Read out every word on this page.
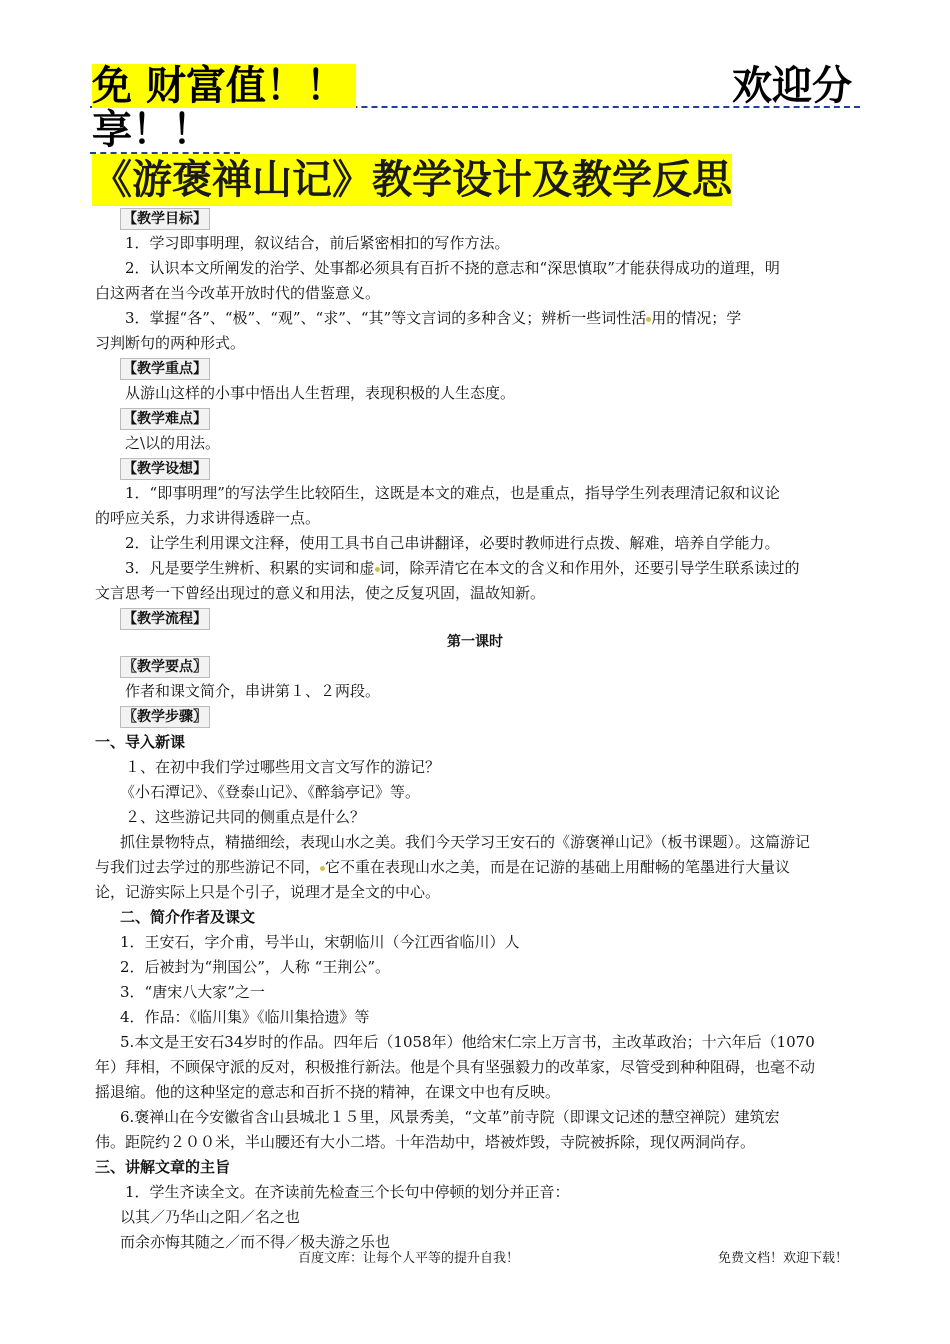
免 财富值！！	欢迎分
享！！
《游褒禅山记》教学设计及教学反思
【教学目标】
1．学习即事明理，叙议结合，前后紧密相扣的写作方法。
2．认识本文所阐发的治学、处事都必须具有百折不挠的意志和“深思慎取”才能获得成功的道理，明
白这两者在当今改革开放时代的借鉴意义。
3．掌握“各”、“极”、“观”、“求”、“其”等文言词的多种含义；辨析一些词性活 用的情况；学
习判断句的两种形式。
【教学重点】
从游山这样的小事中悟出人生哲理，表现积极的人生态度。
【教学难点】
之\以的用法。
【教学设想】
1．“即事明理”的写法学生比较陌生，这既是本文的难点，也是重点，指导学生列表理清记叙和议论
的呼应关系，力求讲得透辟一点。
2．让学生利用课文注释，使用工具书自己串讲翻译，必要时教师进行点拨、解难，培养自学能力。
3．凡是要学生辨析、积累的实词和虚 词，除弄清它在本文的含义和作用外，还要引导学生联系读过的
文言思考一下曾经出现过的意义和用法，使之反复巩固，温故知新。
【教学流程】
第一课时
〖教学要点〗
作者和课文简介，串讲第１、２两段。
〖教学步骤〗
一、导入新课
１、在初中我们学过哪些用文言文写作的游记？
《小石潭记》、《登泰山记》、《醉翁亭记》等。
２、这些游记共同的侧重点是什么？
抓住景物特点，精描细绘，表现山水之美。我们今天学习王安石的《游褒禅山记》（板书课题）。这篇游记
与我们过去学过的那些游记不同， 它不重在表现山水之美，而是在记游的基础上用酣畅的笔墨进行大量议
论，记游实际上只是个引子，说理才是全文的中心。
二、简介作者及课文
1．王安石，字介甫，号半山，宋朝临川（今江西省临川）人
2．后被封为“荆国公”，人称 “王荆公”。
3．“唐宋八大家”之一
4．作品：《临川集》《临川集拾遗》等
5.本文是王安石34岁时的作品。四年后（1058年）他给宋仁宗上万言书，主改革政治；十六年后（1070
年）拜相，不顾保守派的反对，积极推行新法。他是个具有坚强毅力的改革家，尽管受到种种阻碍，也毫不动
摇退缩。他的这种坚定的意志和百折不挠的精神，在课文中也有反映。
6.褒禅山在今安徽省含山县城北１５里，风景秀美，“文革”前寺院（即课文记述的慧空禅院）建筑宏
伟。距院约２００米，半山腰还有大小二塔。十年浩劫中，塔被炸毁，寺院被拆除，现仅两洞尚存。
三、讲解文章的主旨
1．学生齐读全文。在齐读前先检查三个长句中停顿的划分并正音：
以其／乃华山之阳／名之也
而余亦悔其随之／而不得／极夫游之乐也
百度文库：让每个人平等的提升自我！	免费文档！欢迎下载！
